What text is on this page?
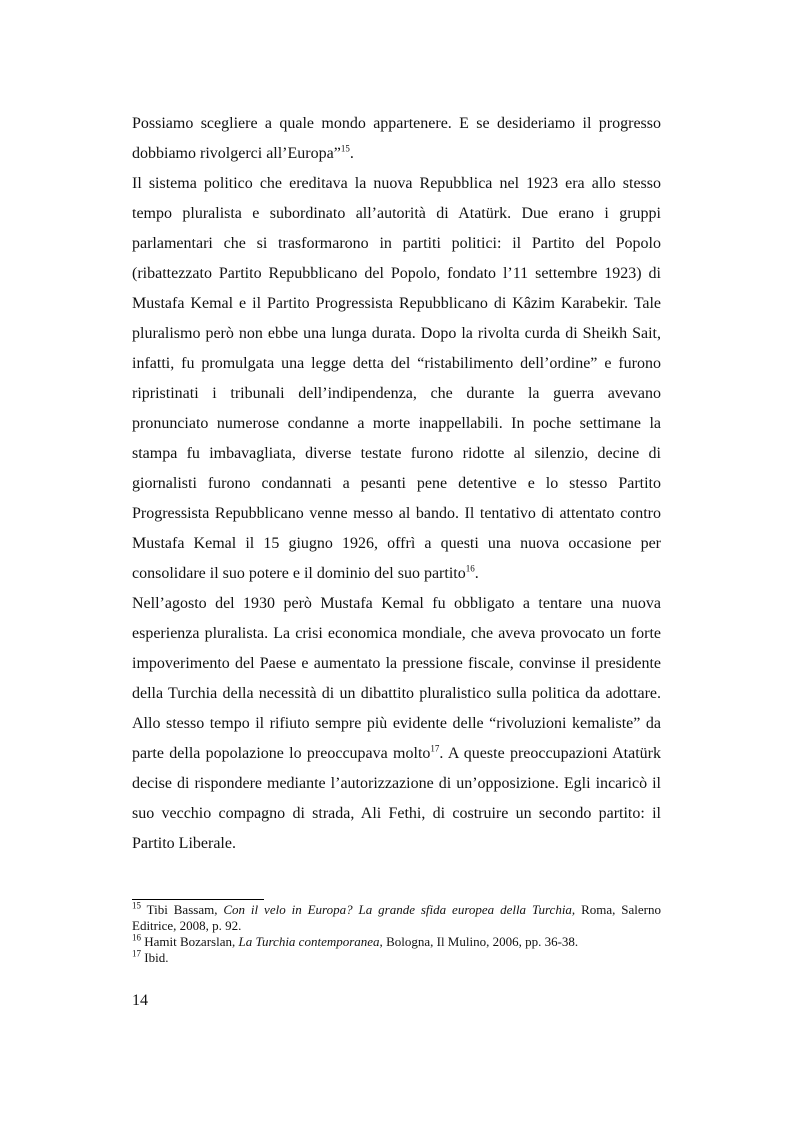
Possiamo scegliere a quale mondo appartenere. E se desideriamo il progresso dobbiamo rivolgerci all’Europa”$^{15}$.

Il sistema politico che ereditava la nuova Repubblica nel 1923 era allo stesso tempo pluralista e subordinato all’autorità di Atatürk. Due erano i gruppi parlamentari che si trasformarono in partiti politici: il Partito del Popolo (ribattezzato Partito Repubblicano del Popolo, fondato l’11 settembre 1923) di Mustafa Kemal e il Partito Progressista Repubblicano di Kâzim Karabekir. Tale pluralismo però non ebbe una lunga durata. Dopo la rivolta curda di Sheikh Sait, infatti, fu promulgata una legge detta del “ristabilimento dell’ordine” e furono ripristinati i tribunali dell’indipendenza, che durante la guerra avevano pronunciato numerose condanne a morte inappellabili. In poche settimane la stampa fu imbavagliata, diverse testate furono ridotte al silenzio, decine di giornalisti furono condannati a pesanti pene detentive e lo stesso Partito Progressista Repubblicano venne messo al bando. Il tentativo di attentato contro Mustafa Kemal il 15 giugno 1926, offrì a questi una nuova occasione per consolidare il suo potere e il dominio del suo partito$^{16}$.

Nell’agosto del 1930 però Mustafa Kemal fu obbligato a tentare una nuova esperienza pluralista. La crisi economica mondiale, che aveva provocato un forte impoverimento del Paese e aumentato la pressione fiscale, convinse il presidente della Turchia della necessità di un dibattito pluralistico sulla politica da adottare. Allo stesso tempo il rifiuto sempre più evidente delle “rivoluzioni kemaliste” da parte della popolazione lo preoccupava molto$^{17}$. A queste preoccupazioni Atatürk decise di rispondere mediante l’autorizzazione di un’opposizione. Egli incaricò il suo vecchio compagno di strada, Ali Fethi, di costruire un secondo partito: il Partito Liberale.

$^{15}$ Tibi Bassam, Con il velo in Europa? La grande sfida europea della Turchia, Roma, Salerno Editrice, 2008, p. 92.

$^{16}$ Hamit Bozarslan, La Turchia contemporanea, Bologna, Il Mulino, 2006, pp. 36-38.

$^{17}$ Ibid.

14
